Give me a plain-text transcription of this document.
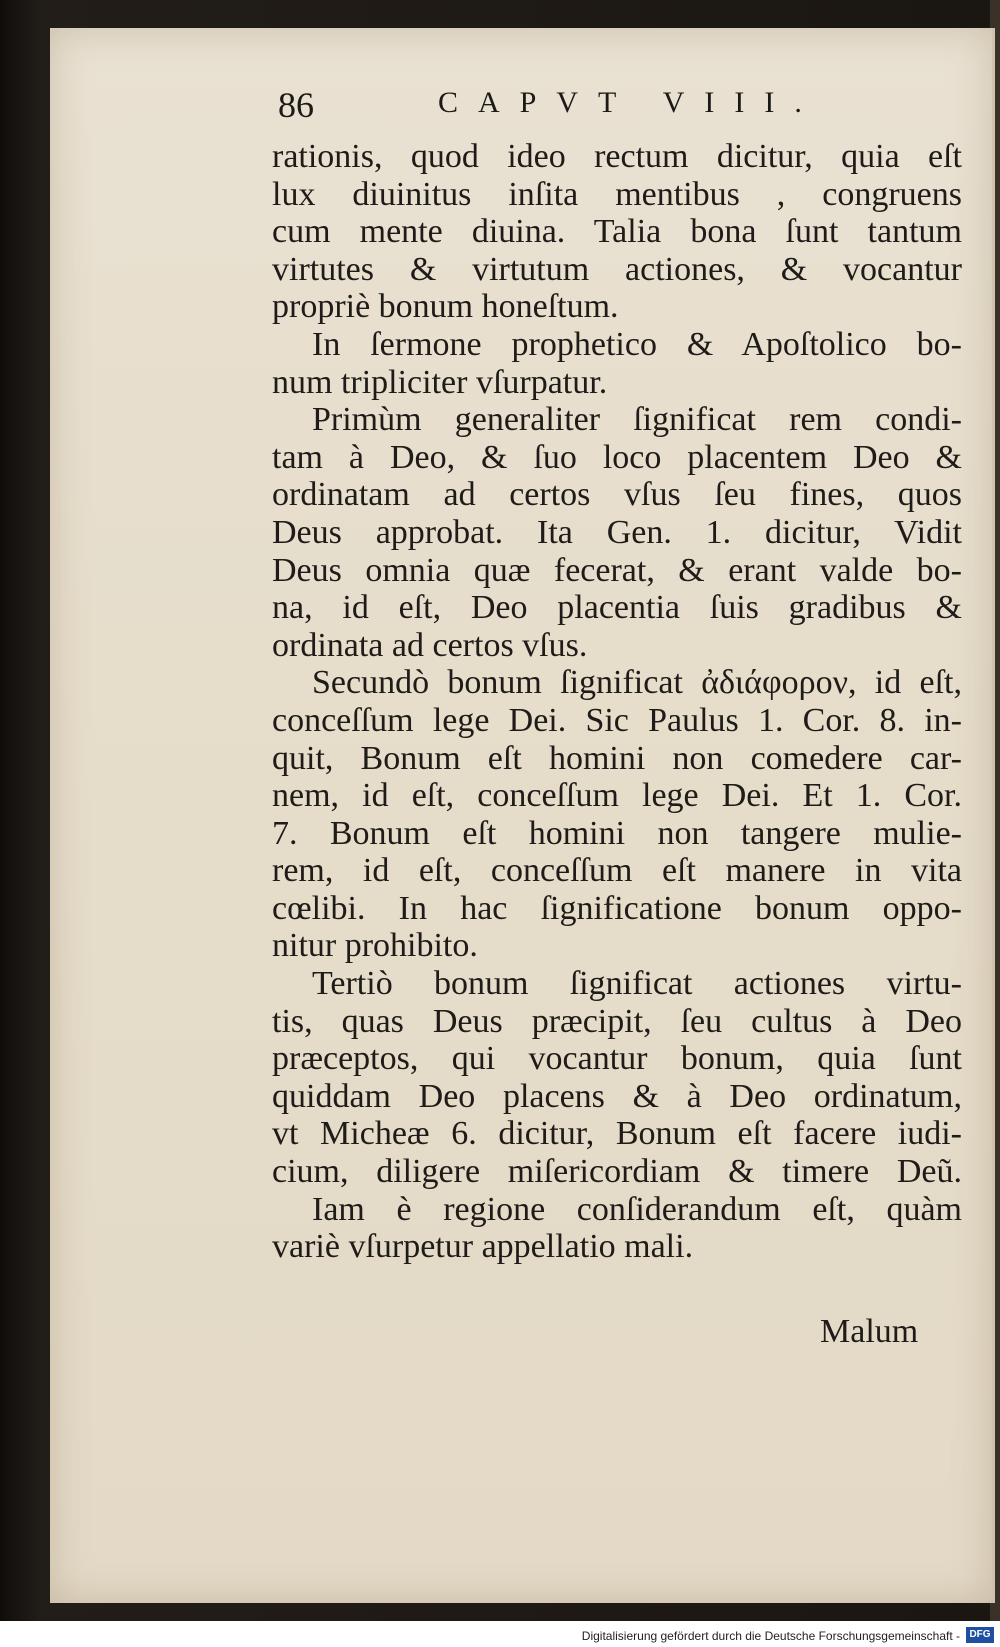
86	CAPVT VIII.
rationis, quod ideo rectum dicitur, quia eſt
lux diuinitus inſita mentibus , congruens
cum mente diuina. Talia bona ſunt tantum
virtutes & virtutum actiones, & vocantur
propriè bonum honeſtum.
In ſermone prophetico & Apoſtolico bo-
num tripliciter vſurpatur.
Primùm generaliter ſignificat rem condi-
tam à Deo, & ſuo loco placentem Deo &
ordinatam ad certos vſus ſeu fines, quos
Deus approbat. Ita Gen. 1. dicitur, Vidit
Deus omnia quæ fecerat, & erant valde bo-
na, id eſt, Deo placentia ſuis gradibus &
ordinata ad certos vſus.
Secundò bonum ſignificat ἀδιάφορον, id eſt,
conceſſum lege Dei. Sic Paulus 1. Cor. 8. in-
quit, Bonum eſt homini non comedere car-
nem, id eſt, conceſſum lege Dei. Et 1. Cor.
7. Bonum eſt homini non tangere mulie-
rem, id eſt, conceſſum eſt manere in vita
cœlibi. In hac ſignificatione bonum oppo-
nitur prohibito.
Tertiò bonum ſignificat actiones virtu-
tis, quas Deus præcipit, ſeu cultus à Deo
præceptos, qui vocantur bonum, quia ſunt
quiddam Deo placens & à Deo ordinatum,
vt Micheæ 6. dicitur, Bonum eſt facere iudi-
cium, diligere miſericordiam & timere Deũ.
Iam è regione conſiderandum eſt, quàm
variè vſurpetur appellatio mali.
Malum
Digitalisierung gefördert durch die Deutsche Forschungsgemeinschaft - DFG
